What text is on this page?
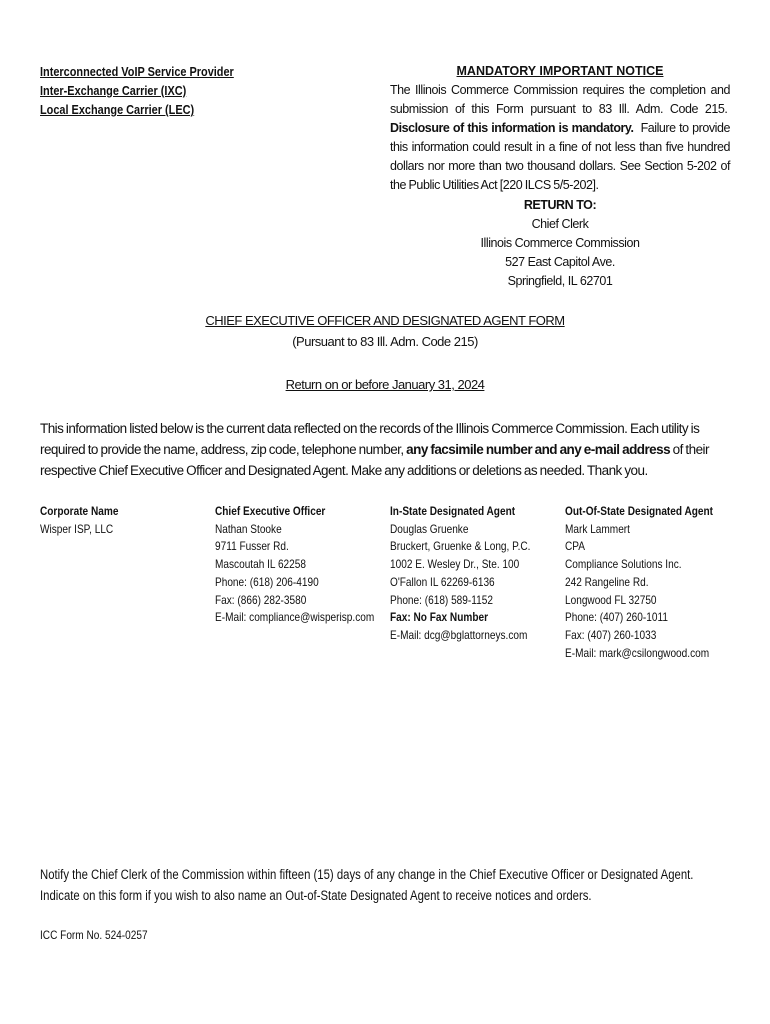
Interconnected VoIP Service Provider
Inter-Exchange Carrier (IXC)
Local Exchange Carrier (LEC)
MANDATORY IMPORTANT NOTICE
The Illinois Commerce Commission requires the completion and submission of this Form pursuant to 83 Ill. Adm. Code 215.  Disclosure of this information is mandatory. Failure to provide this information could result in a fine of not less than five hundred dollars nor more than two thousand dollars. See Section 5-202 of the Public Utilities Act [220 ILCS 5/5-202].
RETURN TO:
Chief Clerk
Illinois Commerce Commission
527 East Capitol Ave.
Springfield, IL 62701
CHIEF EXECUTIVE OFFICER AND DESIGNATED AGENT FORM
(Pursuant to 83 Ill. Adm. Code 215)
Return on or before January 31, 2024
This information listed below is the current data reflected on the records of the Illinois Commerce Commission. Each utility is required to provide the name, address, zip code, telephone number, any facsimile number and any e-mail address of their respective Chief Executive Officer and Designated Agent. Make any additions or deletions as needed. Thank you.
Corporate Name
Wisper ISP, LLC
Chief Executive Officer
Nathan Stooke
9711 Fusser Rd.
Mascoutah IL 62258
Phone: (618) 206-4190
Fax: (866) 282-3580
E-Mail: compliance@wisperisp.com
In-State Designated Agent
Douglas Gruenke
Bruckert, Gruenke & Long, P.C.
1002 E. Wesley Dr., Ste. 100
O'Fallon IL 62269-6136
Phone: (618) 589-1152
Fax: No Fax Number
E-Mail: dcg@bglattorneys.com
Out-Of-State Designated Agent
Mark Lammert
CPA
Compliance Solutions Inc.
242 Rangeline Rd.
Longwood FL 32750
Phone: (407) 260-1011
Fax: (407) 260-1033
E-Mail: mark@csilongwood.com
Notify the Chief Clerk of the Commission within fifteen (15) days of any change in the Chief Executive Officer or Designated Agent.
Indicate on this form if you wish to also name an Out-of-State Designated Agent to receive notices and orders.
ICC Form No. 524-0257
